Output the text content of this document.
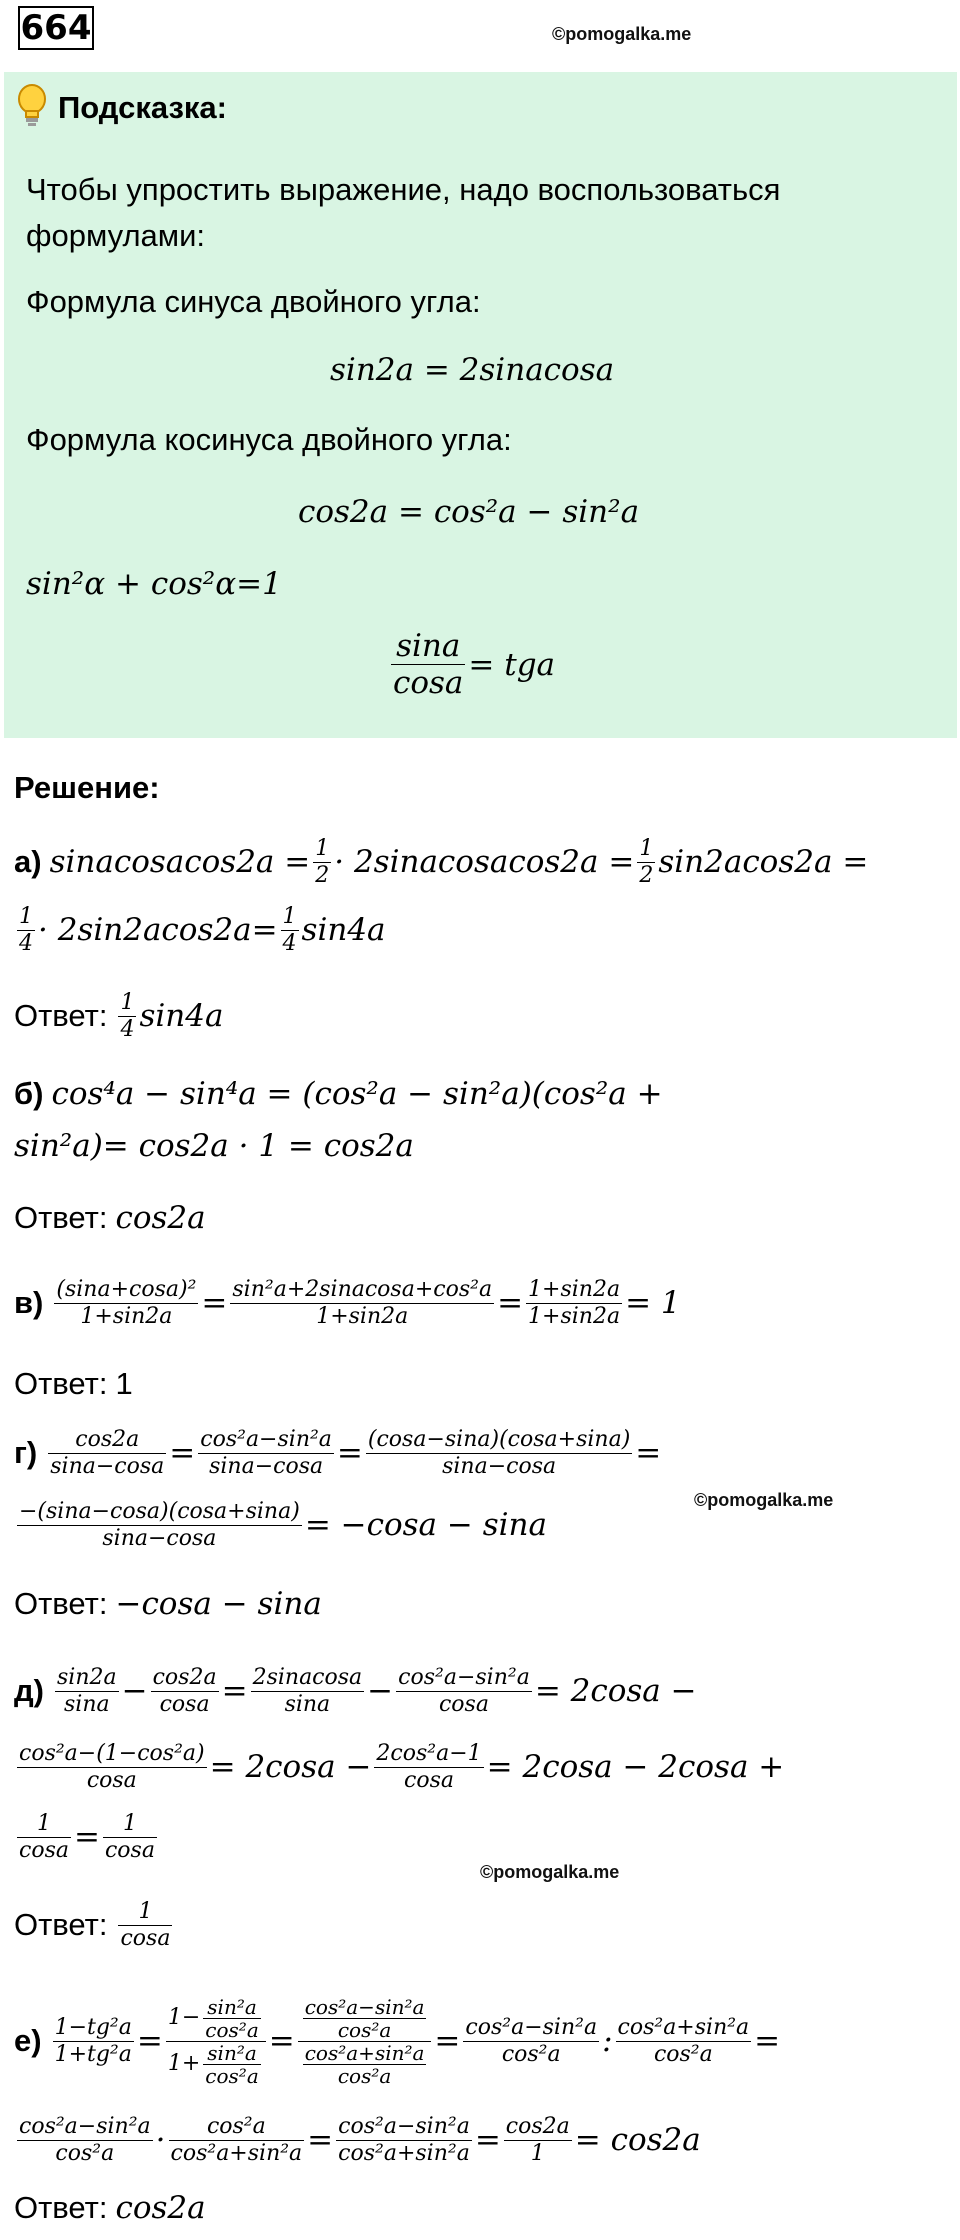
664	©pomogalka.me
Подсказка:
Чтобы упростить выражение, надо воспользоваться
формулами:
Формула синуса двойного угла:
sin2a = 2sinacosa
Формула косинуса двойного угла:
cos2a = cos²a − sin²a
sin²α + cos²α=1
$\frac{\sin a}{\cos a}$ = tga
Решение:
а) sinacosacos2a = $\frac{1}{2}$ · 2sinacosacos2a = $\frac{1}{2} \sin 2acos2a$ =
$\frac{1}{4} \cdot 2\sin 2acos2a= \frac{1}{4} \sin 4a$
Ответ: $\frac{1}{4} \sin 4a$
б) cos⁴a − sin⁴a = (cos²a − sin²a)(cos²a +
sin²a)= cos2a · 1 = cos2a
Ответ: cos2a
$в) \frac{\text{(sina+cosa)²}}{1+\sin 2a} = \frac{\text{sin²a+2sinacosa+cos²a}}{1+\sin 2a} = \frac{1+\sin 2a}{1+\sin 2a} = 1$
Ответ: 1
$г) \frac{\cos 2a}{\sin a-\cos a} = \frac{\text{cos²a−sin²a}}{\sin a-\cos a} = \frac{(\cos a-\sin a)(\cos a+\sin a)}{\sin a-\cos a}$ =
©pomogalka.me
$\frac{-(\sin a-\cos a)(\cos a+\sin a)}{\sin a-\cos a} = -\cos a - \sin a$
Ответ: −cosa − sina
$д) \frac{\sin 2a}{\sin a} - \frac{\cos 2a}{\cos a} = \frac{\text{2sinacosa}}{\sin a} - \frac{\text{cos²a−sin²a}}{\cos a} = 2\cos a$ −
$\frac{\text{cos²a−(1−cos²a)}}{\cos a} = 2\cos a - \frac{\text{2cos²a−1}}{\cos a} = 2\cos a - 2\cos a$ +
$\frac{1}{\cos a} = \frac{1}{\cos a}$
©pomogalka.me
Ответ: $\frac{1}{\cos a}$
$е) \frac{\text{1−tg²a}}{\text{1+tg²a}} = \frac{1- \frac{\text{sin²a}}{\text{cos²a}}}{1+ \frac{\text{sin²a}}{\text{cos²a}}} = \frac{\frac{\text{cos²a−sin²a}}{\text{cos²a}}}{\frac{\text{cos²a+sin²a}}{\text{cos²a}}} = \frac{\text{cos²a−sin²a}}{\text{cos²a}}$ : $\frac{\text{cos²a+sin²a}}{\text{cos²a}}$ =
$\frac{\text{cos²a−sin²a}}{\text{cos²a}} \cdot \frac{\text{cos²a}}{\text{cos²a+sin²a}} = \frac{\text{cos²a−sin²a}}{\text{cos²a+sin²a}} = \frac{\cos 2a}{1} = \cos 2a$
Ответ: cos2a
